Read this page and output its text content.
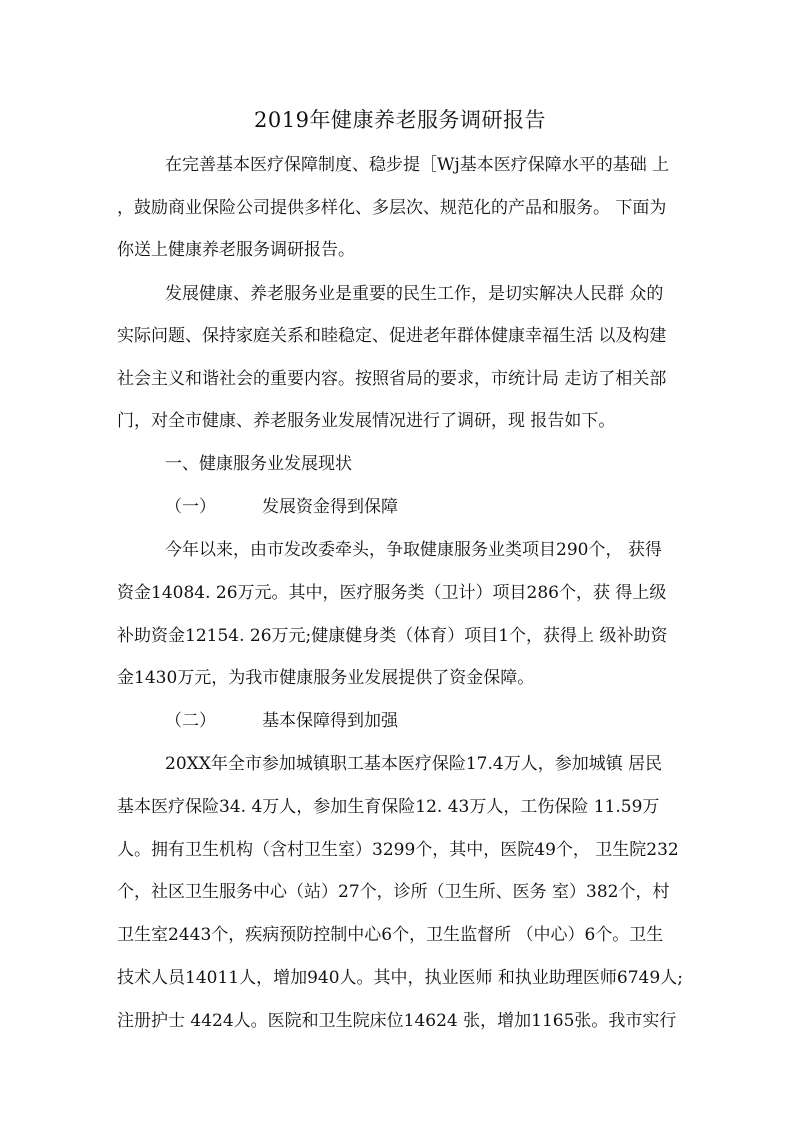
2019年健康养老服务调研报告
在完善基本医疗保障制度、稳步提［Wj基本医疗保障水平的基础 上
，鼓励商业保险公司提供多样化、多层次、规范化的产品和服务。 下面为
你送上健康养老服务调研报告。
发展健康、养老服务业是重要的民生工作，是切实解决人民群 众的
实际问题、保持家庭关系和睦稳定、促进老年群体健康幸福生活 以及构建
社会主义和谐社会的重要内容。按照省局的要求，市统计局 走访了相关部
门，对全市健康、养老服务业发展情况进行了调研，现 报告如下。
一、健康服务业发展现状
（一）	发展资金得到保障
今年以来，由市发改委牵头，争取健康服务业类项目290个， 获得
资金14084. 26万元。其中，医疗服务类（卫计）项目286个，获 得上级
补助资金12154. 26万元;健康健身类（体育）项目1个，获得上 级补助资
金1430万元，为我市健康服务业发展提供了资金保障。
（二）	基本保障得到加强
20XX年全市参加城镇职工基本医疗保险17.4万人，参加城镇 居民
基本医疗保险34. 4万人，参加生育保险12. 43万人，工伤保险 11.59万
人。拥有卫生机构（含村卫生室）3299个，其中，医院49个， 卫生院232
个，社区卫生服务中心（站）27个，诊所（卫生所、医务 室）382个，村
卫生室2443个，疾病预防控制中心6个，卫生监督所 （中心）6个。卫生
技术人员14011人，增加940人。其中，执业医师 和执业助理医师6749人;
注册护士 4424人。医院和卫生院床位14624 张，增加1165张。我市实行
